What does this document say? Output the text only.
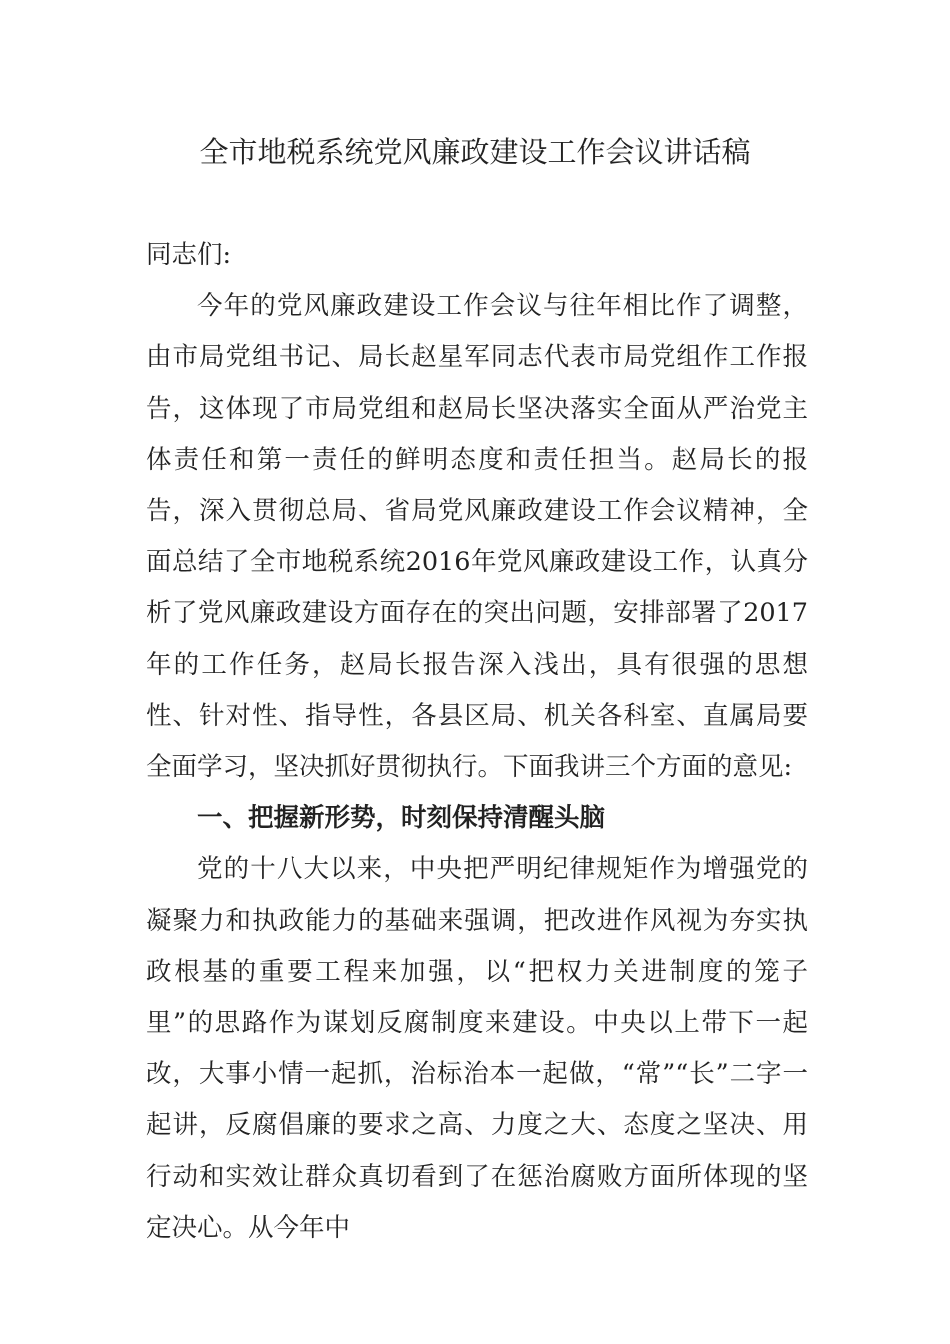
全市地税系统党风廉政建设工作会议讲话稿

同志们:

今年的党风廉政建设工作会议与往年相比作了调整，由市局党组书记、局长赵星军同志代表市局党组作工作报告，这体现了市局党组和赵局长坚决落实全面从严治党主体责任和第一责任的鲜明态度和责任担当。赵局长的报告，深入贯彻总局、省局党风廉政建设工作会议精神，全面总结了全市地税系统2016年党风廉政建设工作，认真分析了党风廉政建设方面存在的突出问题，安排部署了2017年的工作任务，赵局长报告深入浅出，具有很强的思想性、针对性、指导性，各县区局、机关各科室、直属局要全面学习，坚决抓好贯彻执行。下面我讲三个方面的意见:

一、把握新形势，时刻保持清醒头脑

党的十八大以来，中央把严明纪律规矩作为增强党的凝聚力和执政能力的基础来强调，把改进作风视为夯实执政根基的重要工程来加强，以“把权力关进制度的笼子里”的思路作为谋划反腐制度来建设。中央以上带下一起改，大事小情一起抓，治标治本一起做，“常”“长”二字一起讲，反腐倡廉的要求之高、力度之大、态度之坚决、用行动和实效让群众真切看到了在惩治腐败方面所体现的坚定决心。从今年中
